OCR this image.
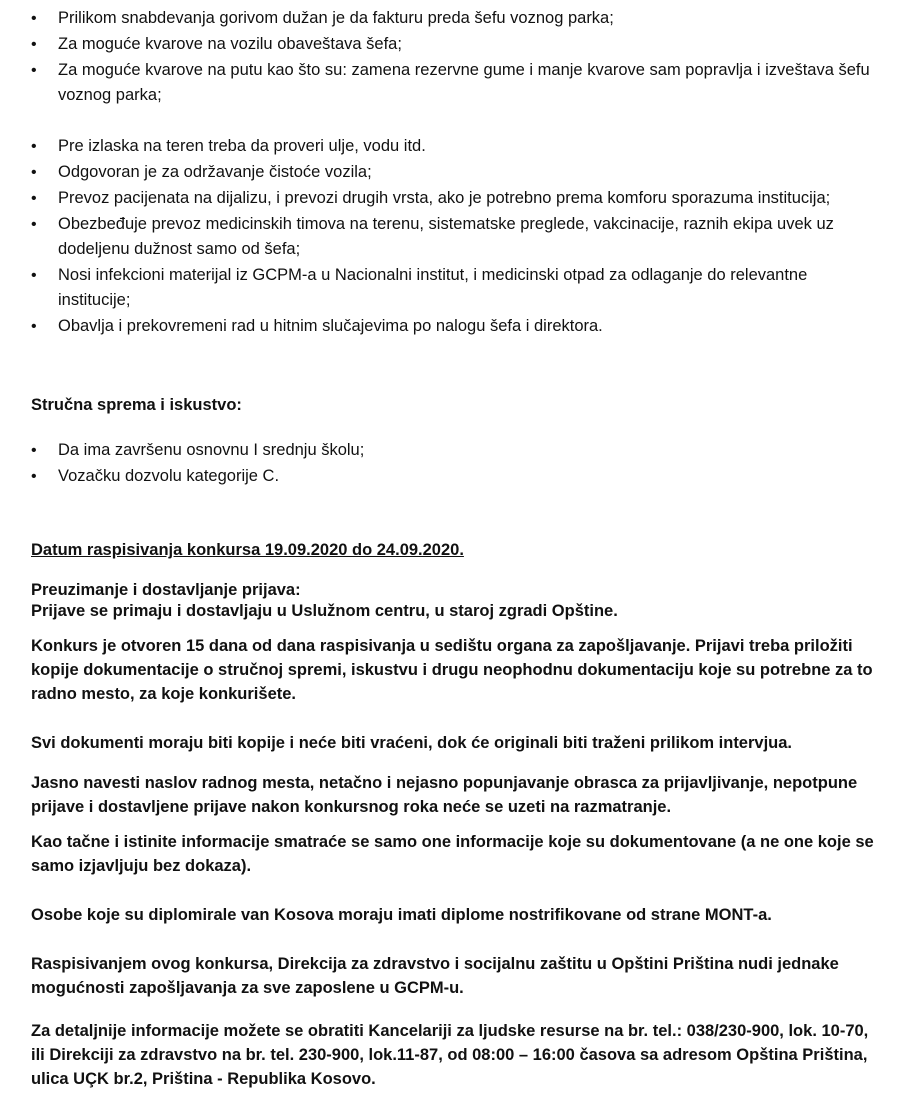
• Prilikom snabdevanja gorivom dužan je da fakturu preda šefu voznog parka;
• Za moguće kvarove na vozilu obaveštava šefa;
• Za moguće kvarove na putu kao što su: zamena rezervne gume i manje kvarove sam popravlja i izveštava šefu voznog parka;
• Pre izlaska na teren treba da proveri ulje, vodu itd.
• Odgovoran je za održavanje čistoće vozila;
• Prevoz pacijenata na dijalizu, i prevozi drugih vrsta, ako je potrebno prema komforu sporazuma institucija;
• Obezbeđuje prevoz medicinskih timova na terenu, sistematske preglede, vakcinacije, raznih ekipa uvek uz dodeljenu dužnost samo od šefa;
• Nosi infekcioni materijal iz GCPM-a u Nacionalni institut, i medicinski otpad za odlaganje do relevantne institucije;
• Obavlja i prekovremeni rad u hitnim slučajevima po nalogu šefa i direktora.

Stručna sprema i iskustvo:

• Da ima završenu osnovnu I srednju školu;
• Vozačku dozvolu kategorije C.

Datum raspisivanja konkursa 19.09.2020 do 24.09.2020.

Preuzimanje i dostavljanje prijava:

Prijave se primaju i dostavljaju u Uslužnom centru, u staroj zgradi Opštine.

Konkurs je otvoren 15 dana od dana raspisivanja u sedištu organa za zapošljavanje. Prijavi treba priložiti kopije dokumentacije o stručnoj spremi, iskustvu i drugu neophodnu dokumentaciju koje su potrebne za to radno mesto, za koje konkurišete.

Svi dokumenti moraju biti kopije i neće biti vraćeni, dok će originali biti traženi prilikom intervjua.

Jasno navesti naslov radnog mesta, netačno i nejasno popunjavanje obrasca za prijavljivanje, nepotpune prijave i dostavljene prijave nakon konkursnog roka neće se uzeti na razmatranje.

Kao tačne i istinite informacije smatraće se samo one informacije koje su dokumentovane (a ne one koje se samo izjavljuju bez dokaza).

Osobe koje su diplomirale van Kosova moraju imati diplome nostrifikovane od strane MONT-a.

Raspisivanjem ovog konkursa, Direkcija za zdravstvo i socijalnu zaštitu u Opštini Priština nudi jednake mogućnosti zapošljavanja za sve zaposlene u GCPM-u.

Za detaljnije informacije možete se obratiti Kancelariji za ljudske resurse na br. tel.: 038/230-900, lok. 10-70, ili Direkciji za zdravstvo na br. tel. 230-900, lok.11-87, od 08:00 – 16:00 časova sa adresom Opština Priština, ulica UÇK br.2, Priština - Republika Kosovo.
